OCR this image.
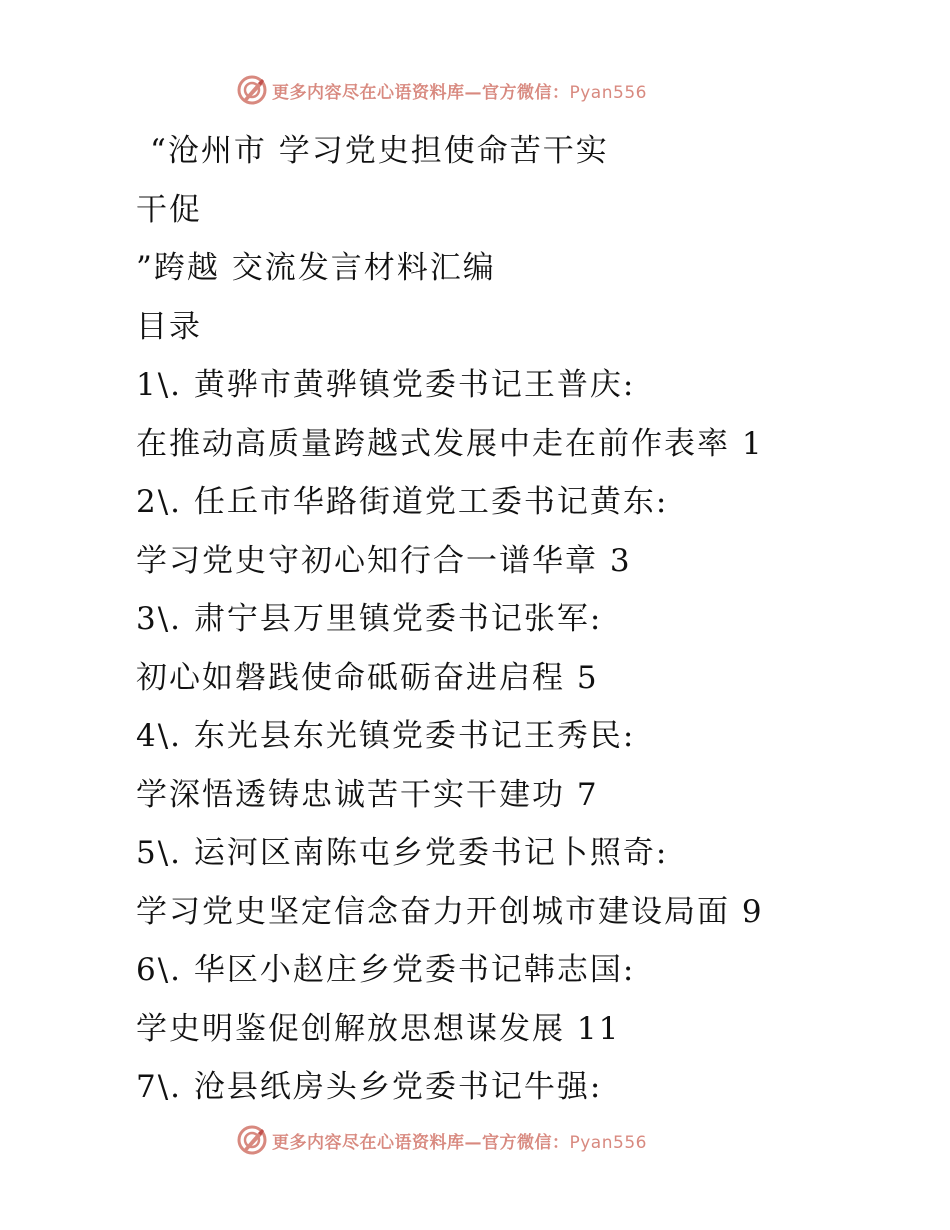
更多内容尽在心语资料库—官方微信：Pyan556
“沧州市 学习党史担使命苦干实
干促
”跨越 交流发言材料汇编
目录
1\. 黄骅市黄骅镇党委书记王普庆:
在推动高质量跨越式发展中走在前作表率 1
2\. 任丘市华路街道党工委书记黄东:
学习党史守初心知行合一谱华章 3
3\. 肃宁县万里镇党委书记张军:
初心如磐践使命砥砺奋进启程 5
4\. 东光县东光镇党委书记王秀民:
学深悟透铸忠诚苦干实干建功 7
5\. 运河区南陈屯乡党委书记卜照奇:
学习党史坚定信念奋力开创城市建设局面 9
6\. 华区小赵庄乡党委书记韩志国:
学史明鉴促创解放思想谋发展 11
7\. 沧县纸房头乡党委书记牛强:
更多内容尽在心语资料库—官方微信：Pyan556
